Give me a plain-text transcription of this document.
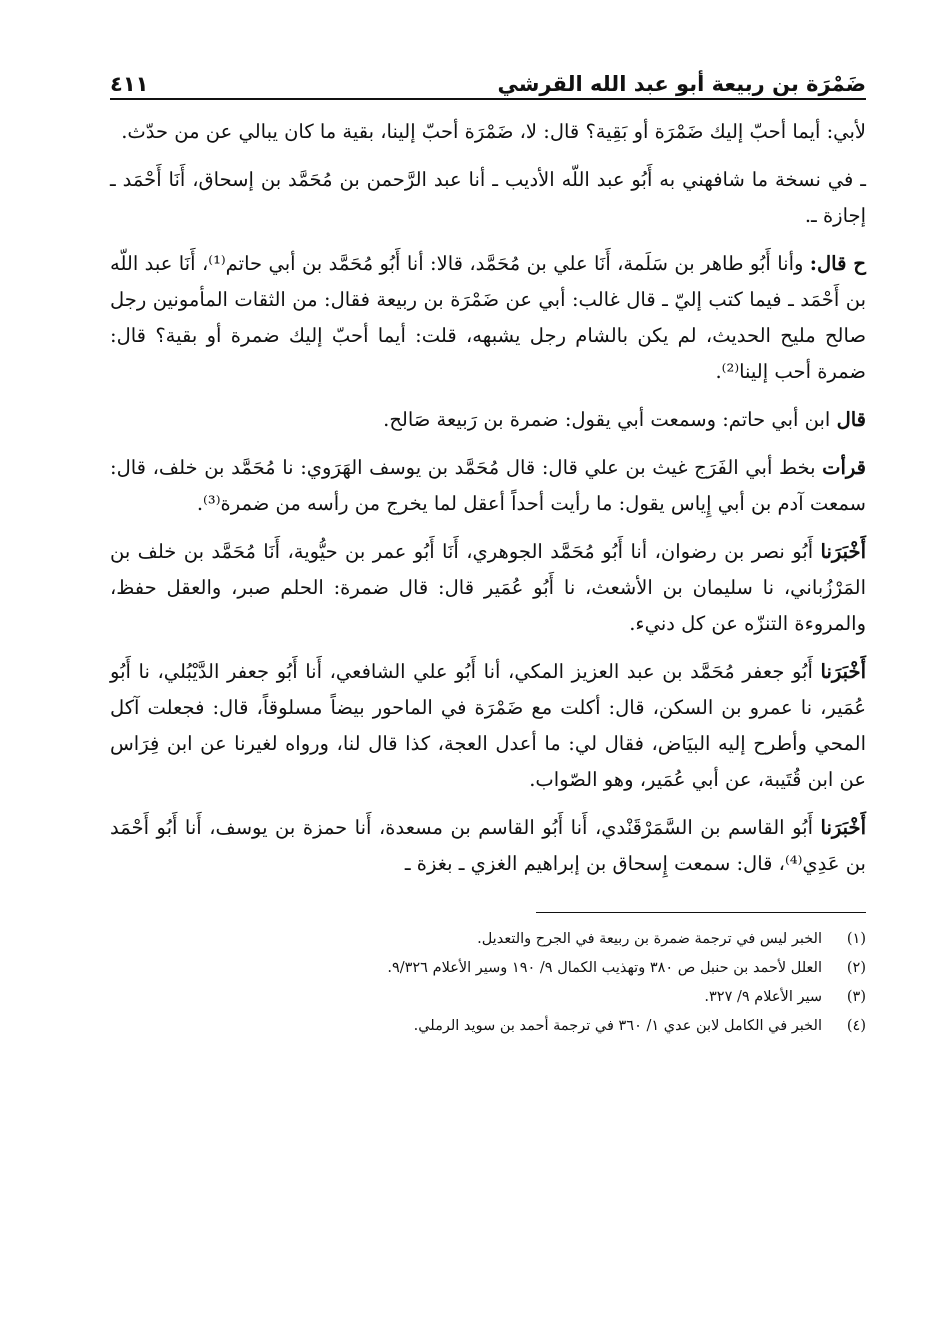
ضَمْرَة بن ربيعة أبو عبد الله القرشي
٤١١

لأبي: أيما أحبّ إليك ضَمْرَة أو بَقِية؟ قال: لا، ضَمْرَة أحبّ إلينا، بقية ما كان يبالي عن من حدّث.

ـ في نسخة ما شافهني به أَبُو عبد اللّه الأديب ـ أنا عبد الرَّحمن بن مُحَمَّد بن إسحاق، أَنَا أَحْمَد ـ إجازة ـ.

ح قال: وأنا أَبُو طاهر بن سَلَمة، أَنَا علي بن مُحَمَّد، قالا: أنا أَبُو مُحَمَّد بن أبي حاتم⁽¹⁾، أَنَا عبد اللّه بن أَحْمَد ـ فيما كتب إليّ ـ قال غالب: أبي عن ضَمْرَة بن ربيعة فقال: من الثقات المأمونين رجل صالح مليح الحديث، لم يكن بالشام رجل يشبهه، قلت: أيما أحبّ إليك ضمرة أو بقية؟ قال: ضمرة أحب إلينا⁽²⁾.

قال ابن أبي حاتم: وسمعت أبي يقول: ضمرة بن رَبيعة صَالح.

قرأت بخط أبي الفَرَج غيث بن علي قال: قال مُحَمَّد بن يوسف الهَرَوي: نا مُحَمَّد بن خلف، قال: سمعت آدم بن أبي إِياس يقول: ما رأيت أحداً أعقل لما يخرج من رأسه من ضمرة⁽³⁾.

أَخْبَرَنا أَبُو نصر بن رضوان، أنا أَبُو مُحَمَّد الجوهري، أَنَا أَبُو عمر بن حيُّوية، أَنَا مُحَمَّد بن خلف بن المَرْزُباني، نا سليمان بن الأشعث، نا أَبُو عُمَير قال: قال ضمرة: الحلم صبر، والعقل حفظ، والمروءة التنزّه عن كل دنيء.

أَخْبَرَنا أَبُو جعفر مُحَمَّد بن عبد العزيز المكي، أنا أَبُو علي الشافعي، أَنا أَبُو جعفر الدَّيْبُلي، نا أَبُو عُمَير، نا عمرو بن السكن، قال: أكلت مع ضَمْرَة في الماحور بيضاً مسلوقاً، قال: فجعلت آكل المحي وأطرح إليه البيَاض، فقال لي: ما أعدل العجة، كذا قال لنا، ورواه لغيرنا عن ابن فِرَاس عن ابن قُتَيبة، عن أبي عُمَير، وهو الصّواب.

أَخْبَرَنا أَبُو القاسم بن السَّمَرْقَنْدي، أَنا أَبُو القاسم بن مسعدة، أَنا حمزة بن يوسف، أَنا أَبُو أَحْمَد بن عَدِي⁽⁴⁾، قال: سمعت إِسحاق بن إبراهيم الغزي ـ بغزة ـ

(١)
الخبر ليس في ترجمة ضمرة بن ربيعة في الجرح والتعديل.
(٢)
العلل لأحمد بن حنبل ص ٣٨٠ وتهذيب الكمال ٩/ ١٩٠ وسير الأعلام ٩/٣٢٦.
(٣)
سير الأعلام ٩/ ٣٢٧.
(٤)
الخبر في الكامل لابن عدي ١/ ٣٦٠ في ترجمة أحمد بن سويد الرملي.
